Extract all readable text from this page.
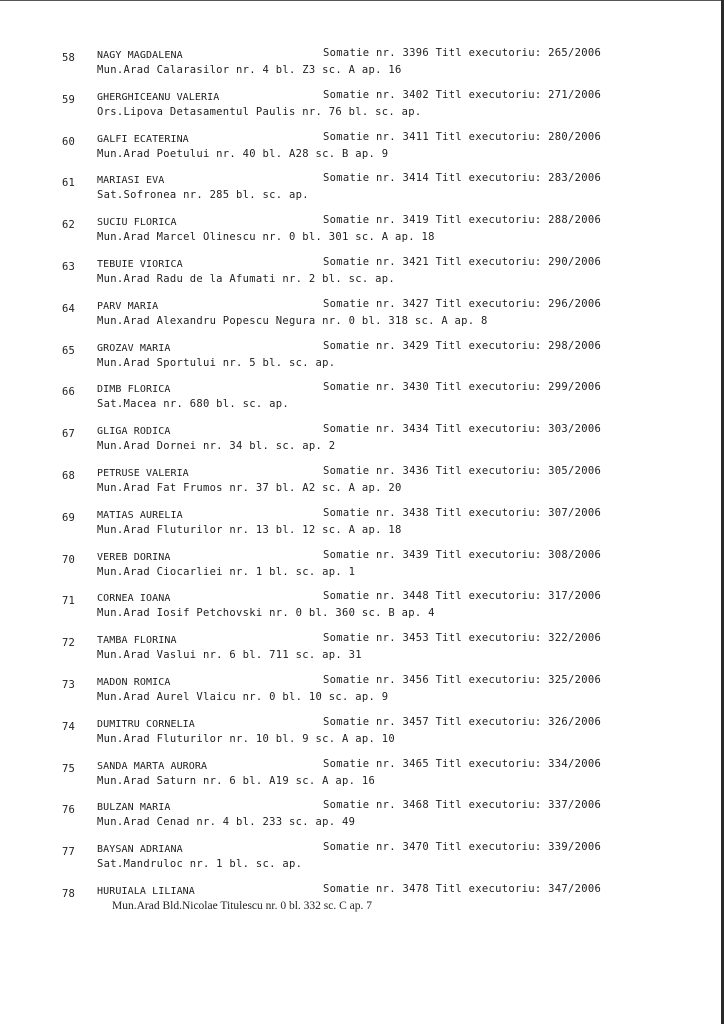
58 NAGY MAGDALENA	Somatie nr. 3396 Titl executoriu: 265/2006
Mun.Arad Calarasilor nr. 4 bl. Z3 sc. A ap. 16
59 GHERGHICEANU VALERIA	Somatie nr. 3402 Titl executoriu: 271/2006
Ors.Lipova Detasamentul Paulis nr. 76 bl. sc. ap.
60 GALFI ECATERINA	Somatie nr. 3411 Titl executoriu: 280/2006
Mun.Arad Poetului nr. 40 bl. A28 sc. B ap. 9
61 MARIASI EVA	Somatie nr. 3414 Titl executoriu: 283/2006
Sat.Sofronea nr. 285 bl. sc. ap.
62 SUCIU FLORICA	Somatie nr. 3419 Titl executoriu: 288/2006
Mun.Arad Marcel Olinescu nr. 0 bl. 301 sc. A ap. 18
63 TEBUIE VIORICA	Somatie nr. 3421 Titl executoriu: 290/2006
Mun.Arad Radu de la Afumati nr. 2 bl. sc. ap.
64 PARV MARIA	Somatie nr. 3427 Titl executoriu: 296/2006
Mun.Arad Alexandru Popescu Negura nr. 0 bl. 318 sc. A ap. 8
65 GROZAV MARIA	Somatie nr. 3429 Titl executoriu: 298/2006
Mun.Arad Sportului nr. 5 bl. sc. ap.
66 DIMB FLORICA	Somatie nr. 3430 Titl executoriu: 299/2006
Sat.Macea nr. 680 bl. sc. ap.
67 GLIGA RODICA	Somatie nr. 3434 Titl executoriu: 303/2006
Mun.Arad Dornei nr. 34 bl. sc. ap. 2
68 PETRUSE VALERIA	Somatie nr. 3436 Titl executoriu: 305/2006
Mun.Arad Fat Frumos nr. 37 bl. A2 sc. A ap. 20
69 MATIAS AURELIA	Somatie nr. 3438 Titl executoriu: 307/2006
Mun.Arad Fluturilor nr. 13 bl. 12 sc. A ap. 18
70 VEREB DORINA	Somatie nr. 3439 Titl executoriu: 308/2006
Mun.Arad Ciocarliei nr. 1 bl. sc. ap. 1
71 CORNEA IOANA	Somatie nr. 3448 Titl executoriu: 317/2006
Mun.Arad Iosif Petchovski nr. 0 bl. 360 sc. B ap. 4
72 TAMBA FLORINA	Somatie nr. 3453 Titl executoriu: 322/2006
Mun.Arad Vaslui nr. 6 bl. 711 sc. ap. 31
73 MADON ROMICA	Somatie nr. 3456 Titl executoriu: 325/2006
Mun.Arad Aurel Vlaicu nr. 0 bl. 10 sc. ap. 9
74 DUMITRU CORNELIA	Somatie nr. 3457 Titl executoriu: 326/2006
Mun.Arad Fluturilor nr. 10 bl. 9 sc. A ap. 10
75 SANDA MARTA AURORA	Somatie nr. 3465 Titl executoriu: 334/2006
Mun.Arad Saturn nr. 6 bl. A19 sc. A ap. 16
76 BULZAN MARIA	Somatie nr. 3468 Titl executoriu: 337/2006
Mun.Arad Cenad nr. 4 bl. 233 sc. ap. 49
77 BAYSAN ADRIANA	Somatie nr. 3470 Titl executoriu: 339/2006
Sat.Mandruloc nr. 1 bl. sc. ap.
78 HURUIALA LILIANA	Somatie nr. 3478 Titl executoriu: 347/2006
Mun.Arad Bld.Nicolae Titulescu nr. 0 bl. 332 sc. C ap. 7
